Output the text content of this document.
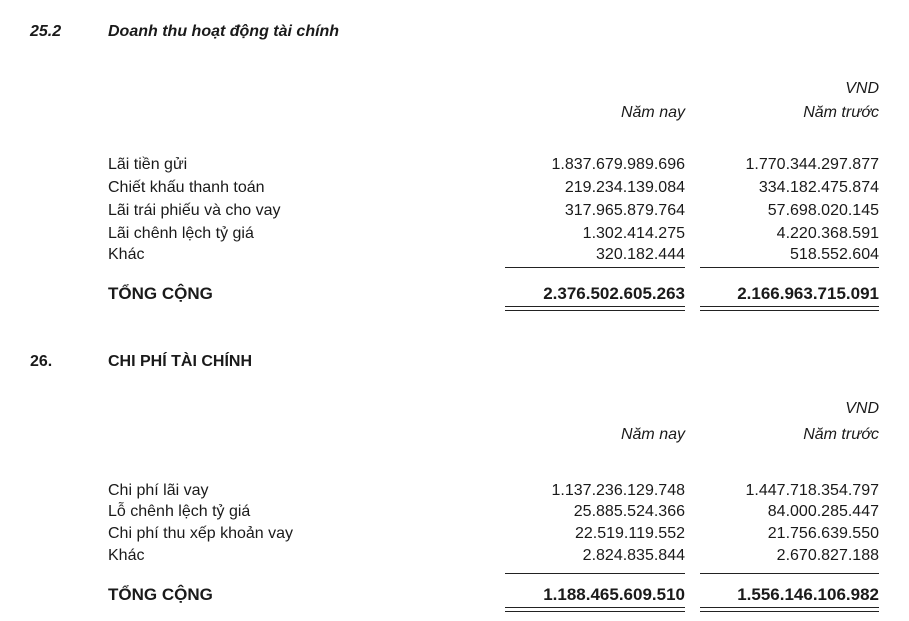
25.2	Doanh thu hoạt động tài chính
VND
Năm nay	Năm trước
Lãi tiền gửi	1.837.679.989.696	1.770.344.297.877
Chiết khấu thanh toán	219.234.139.084	334.182.475.874
Lãi trái phiếu và cho vay	317.965.879.764	57.698.020.145
Lãi chênh lệch tỷ giá	1.302.414.275	4.220.368.591
Khác	320.182.444	518.552.604
TỔNG CỘNG	2.376.502.605.263	2.166.963.715.091
26.	CHI PHÍ TÀI CHÍNH
VND
Năm nay	Năm trước
Chi phí lãi vay	1.137.236.129.748	1.447.718.354.797
Lỗ chênh lệch tỷ giá	25.885.524.366	84.000.285.447
Chi phí thu xếp khoản vay	22.519.119.552	21.756.639.550
Khác	2.824.835.844	2.670.827.188
TỔNG CỘNG	1.188.465.609.510	1.556.146.106.982
